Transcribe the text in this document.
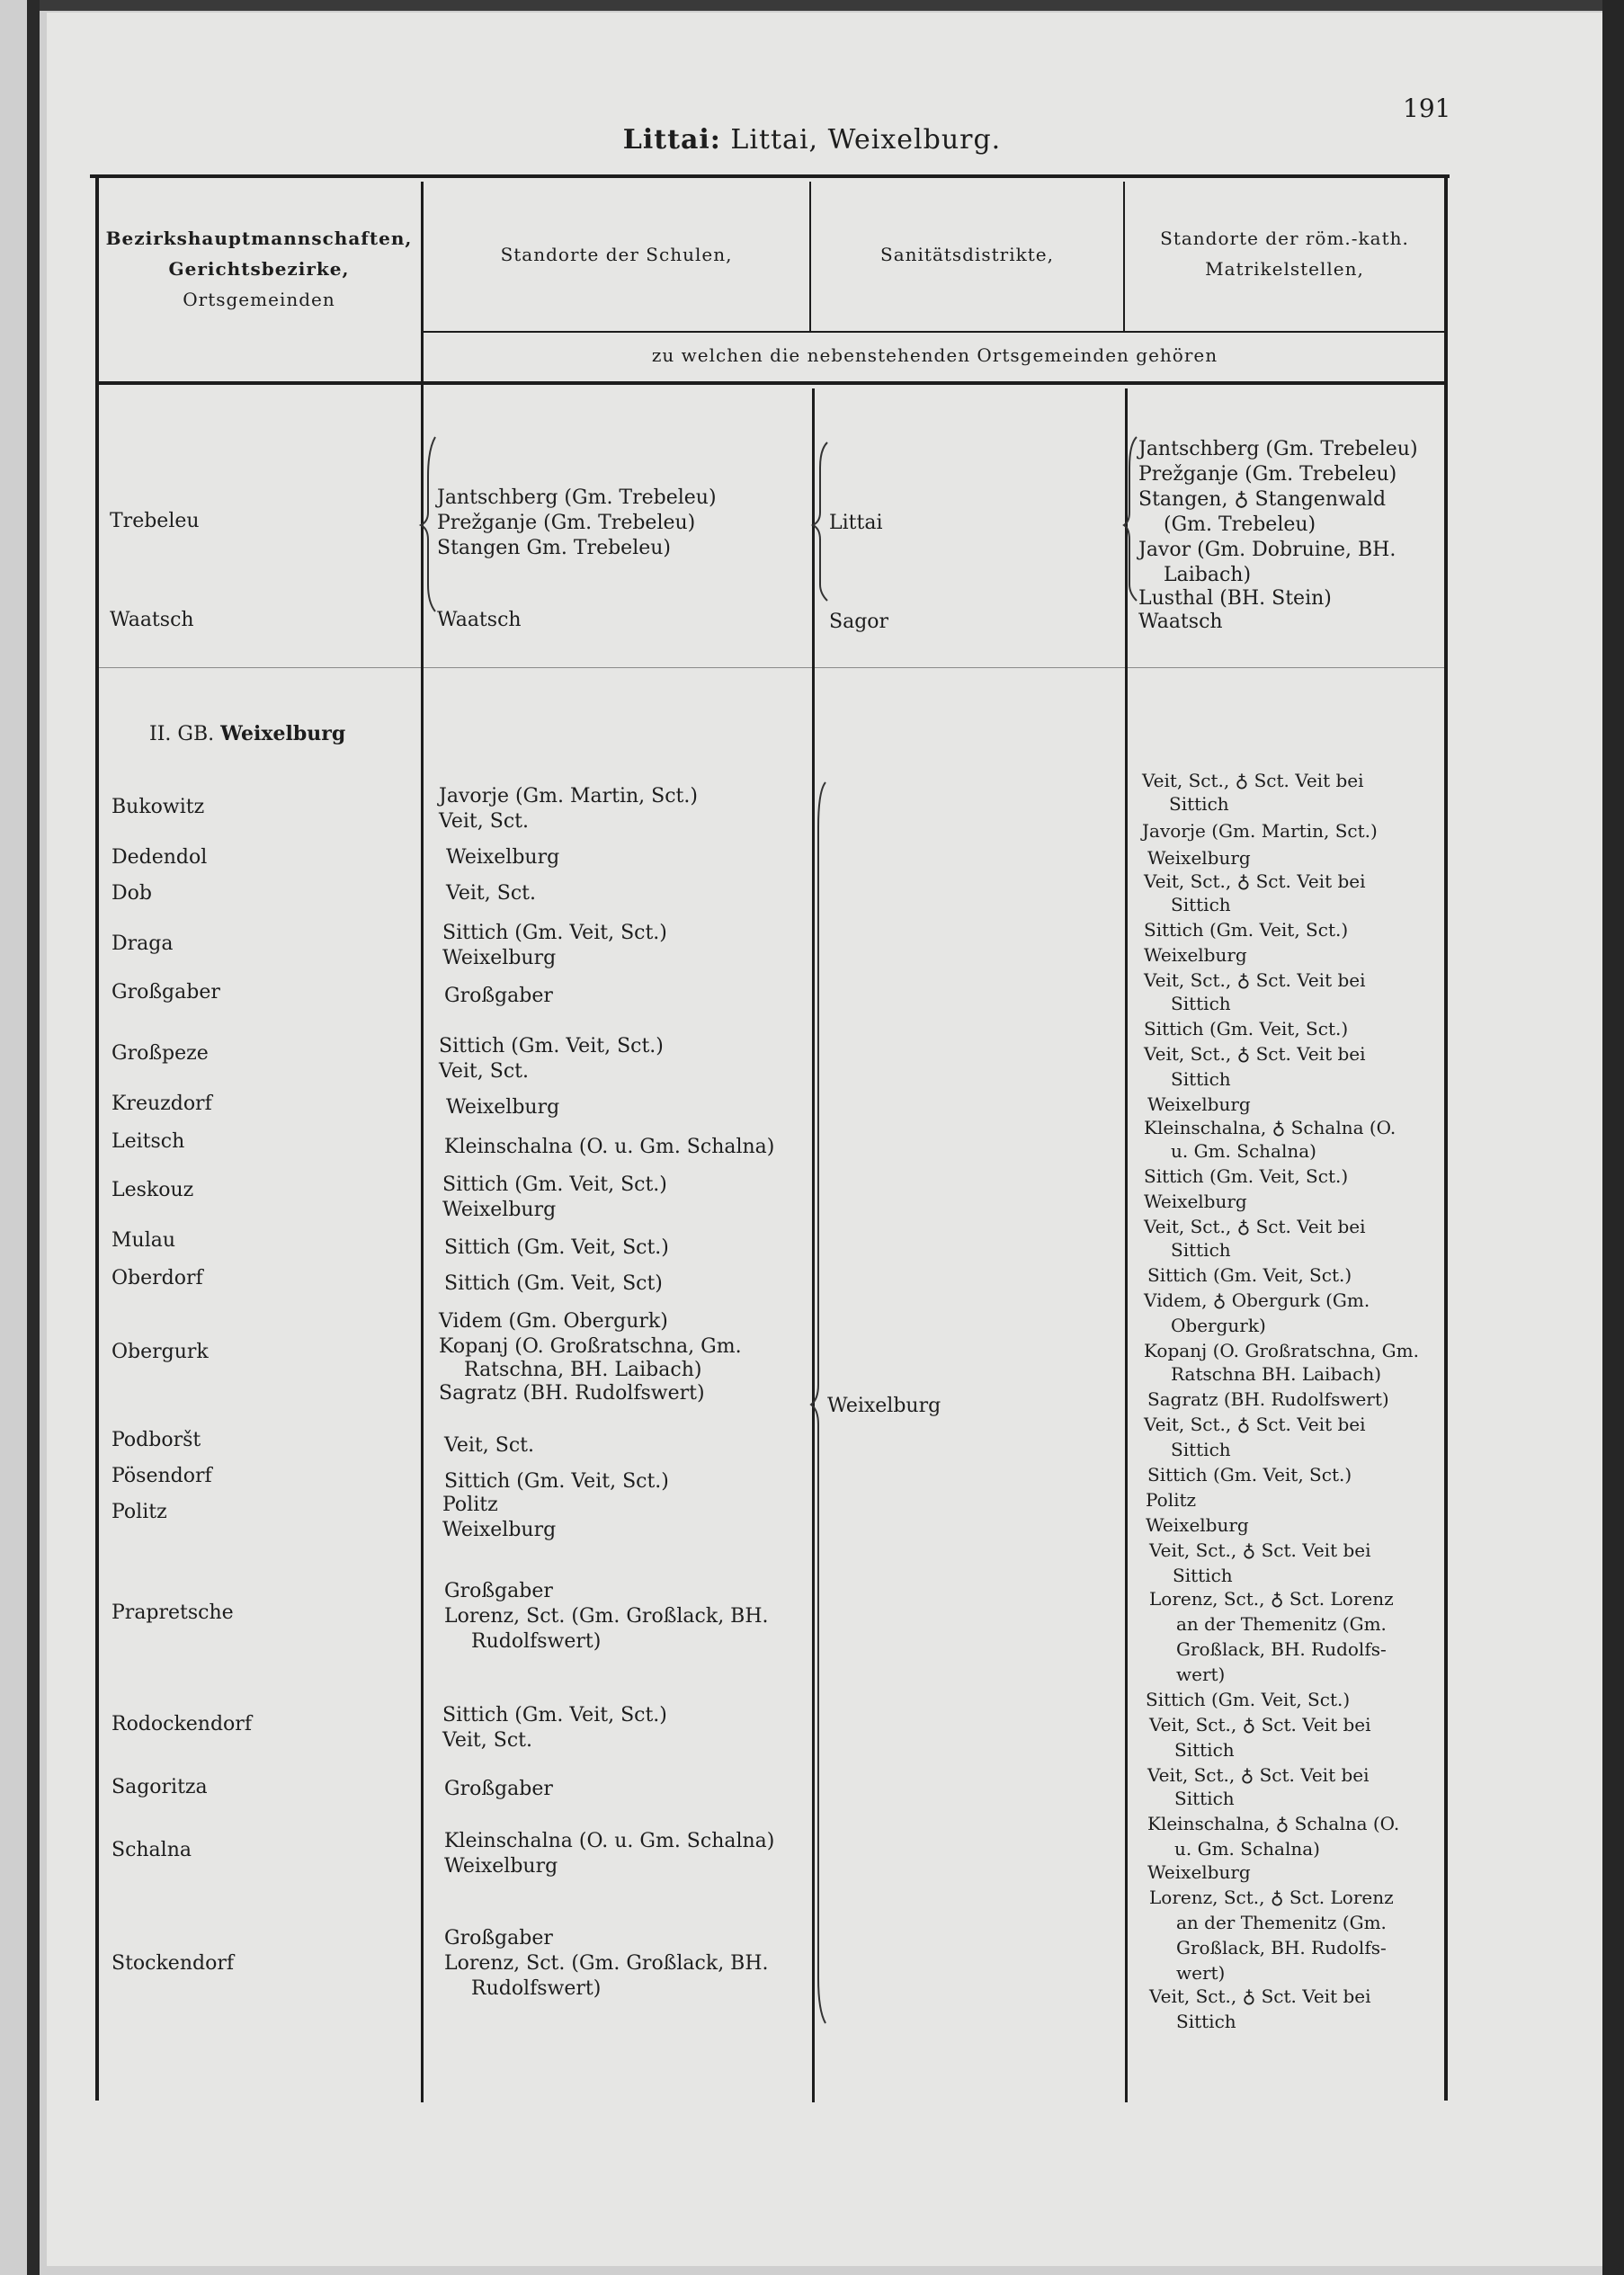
191
Littai: Littai, Weixelburg.
Bezirkshauptmannschaften,
Gerichtsbezirke,
Ortsgemeinden
Standorte der Schulen,	Sanitätsdistrikte,
Standorte der röm.-kath.
Matrikelstellen,
zu welchen die nebenstehenden Ortsgemeinden gehören
Trebeleu
Waatsch
Jantschberg (Gm. Trebeleu)
Prežganje (Gm. Trebeleu)
Stangen Gm. Trebeleu)
Waatsch
Littai
Sagor
Jantschberg (Gm. Trebeleu)
Prežganje (Gm. Trebeleu)
Stangen, ♁ Stangenwald
(Gm. Trebeleu)
Javor (Gm. Dobruine, BH.
Laibach)
Lusthal (BH. Stein)
Waatsch
II. GB. Weixelburg
Bukowitz
Dedendol
Dob
Draga
Großgaber
Großpeze
Kreuzdorf
Leitsch
Leskouz
Mulau
Oberdorf
Obergurk
Podboršt
Pösendorf
Politz
Prapretsche
Rodockendorf
Sagoritza
Schalna
Stockendorf
Javorje (Gm. Martin, Sct.)
Veit, Sct.
Weixelburg
Veit, Sct.
Sittich (Gm. Veit, Sct.)
Weixelburg
Großgaber
Sittich (Gm. Veit, Sct.)
Veit, Sct.
Weixelburg
Kleinschalna (O. u. Gm. Schalna)
Sittich (Gm. Veit, Sct.)
Weixelburg
Sittich (Gm. Veit, Sct.)
Sittich (Gm. Veit, Sct)
Videm (Gm. Obergurk)
Kopanj (O. Großratschna, Gm.
Ratschna, BH. Laibach)
Sagratz (BH. Rudolfswert)
Veit, Sct.
Sittich (Gm. Veit, Sct.)
Politz
Weixelburg
Großgaber
Lorenz, Sct. (Gm. Großlack, BH.
Rudolfswert)
Sittich (Gm. Veit, Sct.)
Veit, Sct.
Großgaber
Kleinschalna (O. u. Gm. Schalna)
Weixelburg
Großgaber
Lorenz, Sct. (Gm. Großlack, BH.
Rudolfswert)
Weixelburg
Veit, Sct., ♁ Sct. Veit bei
Sittich
Javorje (Gm. Martin, Sct.)
Weixelburg
Veit, Sct., ♁ Sct. Veit bei
Sittich
Sittich (Gm. Veit, Sct.)
Weixelburg
Veit, Sct., ♁ Sct. Veit bei
Sittich
Sittich (Gm. Veit, Sct.)
Veit, Sct., ♁ Sct. Veit bei
Sittich
Weixelburg
Kleinschalna, ♁ Schalna (O.
u. Gm. Schalna)
Sittich (Gm. Veit, Sct.)
Weixelburg
Veit, Sct., ♁ Sct. Veit bei
Sittich
Sittich (Gm. Veit, Sct.)
Videm, ♁ Obergurk (Gm.
Obergurk)
Kopanj (O. Großratschna, Gm.
Ratschna BH. Laibach)
Sagratz (BH. Rudolfswert)
Veit, Sct., ♁ Sct. Veit bei
Sittich
Sittich (Gm. Veit, Sct.)
Politz
Weixelburg
Veit, Sct., ♁ Sct. Veit bei
Sittich
Lorenz, Sct., ♁ Sct. Lorenz
an der Themenitz (Gm.
Großlack, BH. Rudolfs-
wert)
Sittich (Gm. Veit, Sct.)
Veit, Sct., ♁ Sct. Veit bei
Sittich
Veit, Sct., ♁ Sct. Veit bei
Sittich
Kleinschalna, ♁ Schalna (O.
u. Gm. Schalna)
Weixelburg
Lorenz, Sct., ♁ Sct. Lorenz
an der Themenitz (Gm.
Großlack, BH. Rudolfs-
wert)
Veit, Sct., ♁ Sct. Veit bei
Sittich
